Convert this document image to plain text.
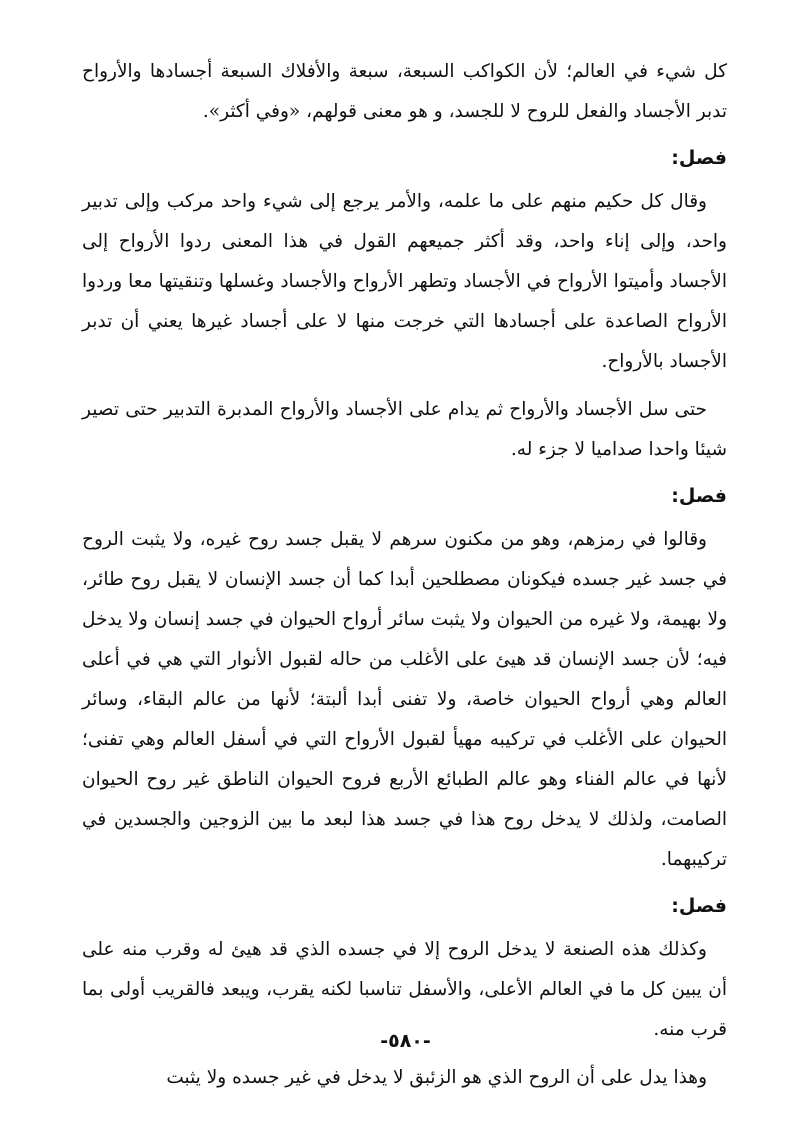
كل شيء في العالم؛ لأن الكواكب السبعة، سبعة والأفلاك السبعة أجسادها والأرواح تدبر الأجساد والفعل للروح لا للجسد، و هو معنى قولهم، «وفي أكثر».

فصل:

وقال كل حكيم منهم على ما علمه، والأمر يرجع إلى شيء واحد مركب وإلى تدبير واحد، وإلى إناء واحد، وقد أكثر جميعهم القول في هذا المعنى ردوا الأرواح إلى الأجساد وأميتوا الأرواح في الأجساد وتطهر الأرواح والأجساد وغسلها وتنقيتها معا وردوا الأرواح الصاعدة على أجسادها التي خرجت منها لا على أجساد غيرها يعني أن تدبر الأجساد بالأرواح.

حتى سل الأجساد والأرواح ثم يدام على الأجساد والأرواح المدبرة التدبير حتى تصير شيئا واحدا صداميا لا جزء له.

فصل:

وقالوا في رمزهم، وهو من مكنون سرهم لا يقبل جسد روح غيره، ولا يثبت الروح في جسد غير جسده فيكونان مصطلحين أبدا كما أن جسد الإنسان لا يقبل روح طائر، ولا بهيمة، ولا غيره من الحيوان ولا يثبت سائر أرواح الحيوان في جسد إنسان ولا يدخل فيه؛ لأن جسد الإنسان قد هيئ على الأغلب من حاله لقبول الأنوار التي هي في أعلى العالم وهي أرواح الحيوان خاصة، ولا تفنى أبدا ألبتة؛ لأنها من عالم البقاء، وسائر الحيوان على الأغلب في تركيبه مهيأ لقبول الأرواح التي في أسفل العالم وهي تفنى؛ لأنها في عالم الفناء وهو عالم الطبائع الأربع فروح الحيوان الناطق غير روح الحيوان الصامت، ولذلك لا يدخل روح هذا في جسد هذا لبعد ما بين الزوجين والجسدين في تركيبهما.

فصل:

وكذلك هذه الصنعة لا يدخل الروح إلا في جسده الذي قد هيئ له وقرب منه على أن يبين كل ما في العالم الأعلى، والأسفل تناسبا لكنه يقرب، ويبعد فالقريب أولى بما قرب منه.

وهذا يدل على أن الروح الذي هو الزئبق لا يدخل في غير جسده ولا يثبت

-٥٨٠-
